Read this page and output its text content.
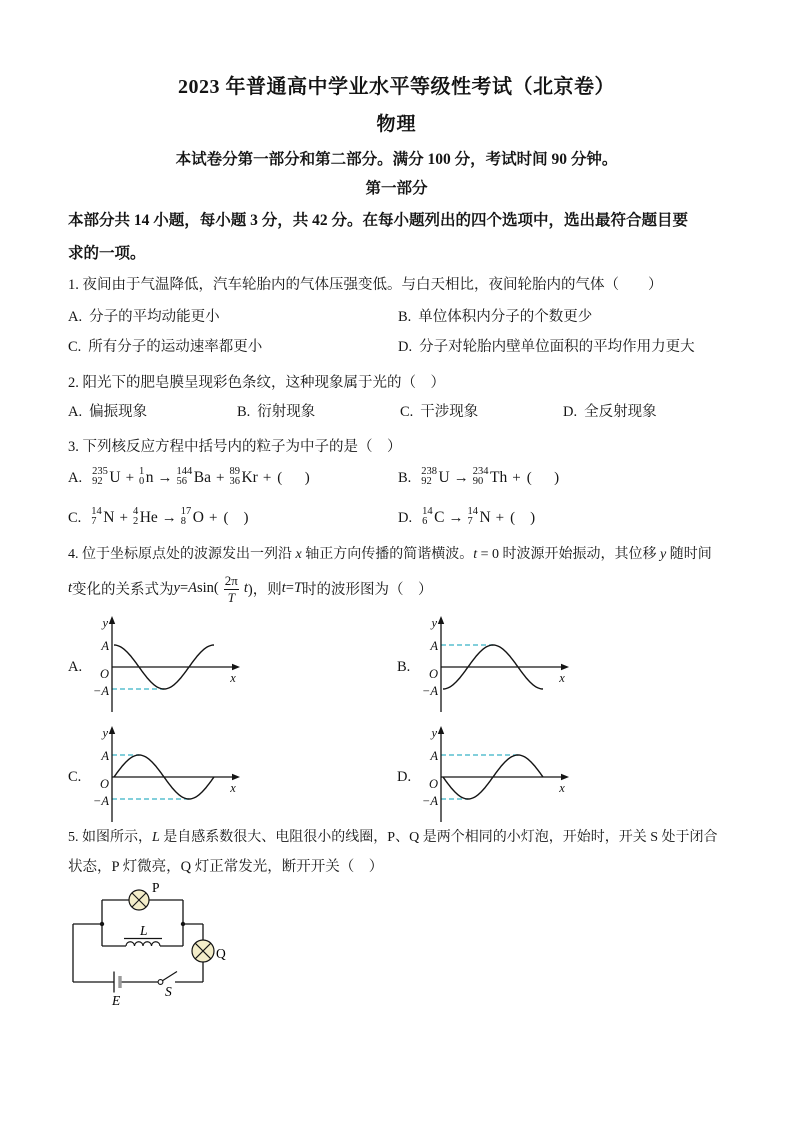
2023 年普通高中学业水平等级性考试（北京卷）
物理
本试卷分第一部分和第二部分。满分 100 分，考试时间 90 分钟。
第一部分
本部分共 14 小题，每小题 3 分，共 42 分。在每小题列出的四个选项中，选出最符合题目要
求的一项。
1. 夜间由于气温降低，汽车轮胎内的气体压强变低。与白天相比，夜间轮胎内的气体（　　）
A. 分子的平均动能更小	B. 单位体积内分子的个数更少
C. 所有分子的运动速率都更小	D. 分子对轮胎内壁单位面积的平均作用力更大
2. 阳光下的肥皂膜呈现彩色条纹，这种现象属于光的（　）
A. 偏振现象	B. 衍射现象	C. 干涉现象	D. 全反射现象
3. 下列核反应方程中括号内的粒子为中子的是（　）
A. 235
92 U + 1
0 n → 144
56 Ba + 89
36 Kr + (      )	B. 238
92 U → 234
90 Th + (      )
C. 14
7 N + 4
2 He → 17
8 O + (    )	D. 14
6 C → 14
7 N + (    )
4. 位于坐标原点处的波源发出一列沿 x 轴正方向传播的简谐横波。t = 0 时波源开始振动，其位移 y 随时间
t 变化的关系式为 y = A $\sin( \frac{2\pi}{T}$ t )，则 t = T 时的波形图为（　）
A.
y
A
O
−A
x
B.
y
A
O
−A
x
C.
y
A
O
−A
x
D.
y
A
O
−A
x
5. 如图所示，L 是自感系数很大、电阻很小的线圈，P、Q 是两个相同的小灯泡，开始时，开关 S 处于闭合
状态，P 灯微亮，Q 灯正常发光，断开开关（　）
P
Q
L
E
S
